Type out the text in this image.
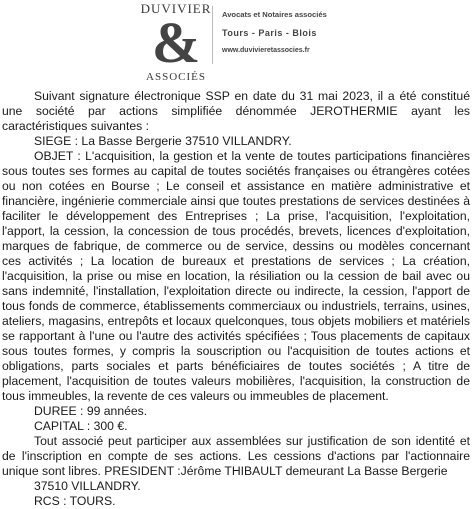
DUVIVIER
&
ASSOCIÉS
Avocats et Notaires associés
Tours - Paris - Blois
www.duvivieretassocies.fr

Suivant signature électronique SSP en date du 31 mai 2023, il a été constitué une société par actions simplifiée dénommée JEROTHERMIE ayant les caractéristiques suivantes :

SIEGE : La Basse Bergerie 37510 VILLANDRY.

OBJET : L'acquisition, la gestion et la vente de toutes participations financières sous toutes ses formes au capital de toutes sociétés françaises ou étrangères cotées ou non cotées en Bourse ; Le conseil et assistance en matière administrative et financière, ingénierie commerciale ainsi que toutes prestations de services destinées à faciliter le développement des Entreprises ; La prise, l'acquisition, l'exploitation, l'apport, la cession, la concession de tous procédés, brevets, licences d'exploitation, marques de fabrique, de commerce ou de service, dessins ou modèles concernant ces activités ; La location de bureaux et prestations de services ; La création, l'acquisition, la prise ou mise en location, la résiliation ou la cession de bail avec ou sans indemnité, l'installation, l'exploitation directe ou indirecte, la cession, l'apport de tous fonds de commerce, établissements commerciaux ou industriels, terrains, usines, ateliers, magasins, entrepôts et locaux quelconques, tous objets mobiliers et matériels se rapportant à l'une ou l'autre des activités spécifiées ; Tous placements de capitaux sous toutes formes, y compris la souscription ou l'acquisition de toutes actions et obligations, parts sociales et parts bénéficiaires de toutes sociétés ; A titre de placement, l'acquisition de toutes valeurs mobilières, l'acquisition, la construction de tous immeubles, la revente de ces valeurs ou immeubles de placement.

DUREE : 99 années.

CAPITAL : 300 €.

Tout associé peut participer aux assemblées sur justification de son identité et de l'inscription en compte de ses actions. Les cessions d'actions par l'actionnaire unique sont libres. PRESIDENT :Jérôme THIBAULT demeurant La Basse Bergerie

37510 VILLANDRY.

RCS : TOURS.
